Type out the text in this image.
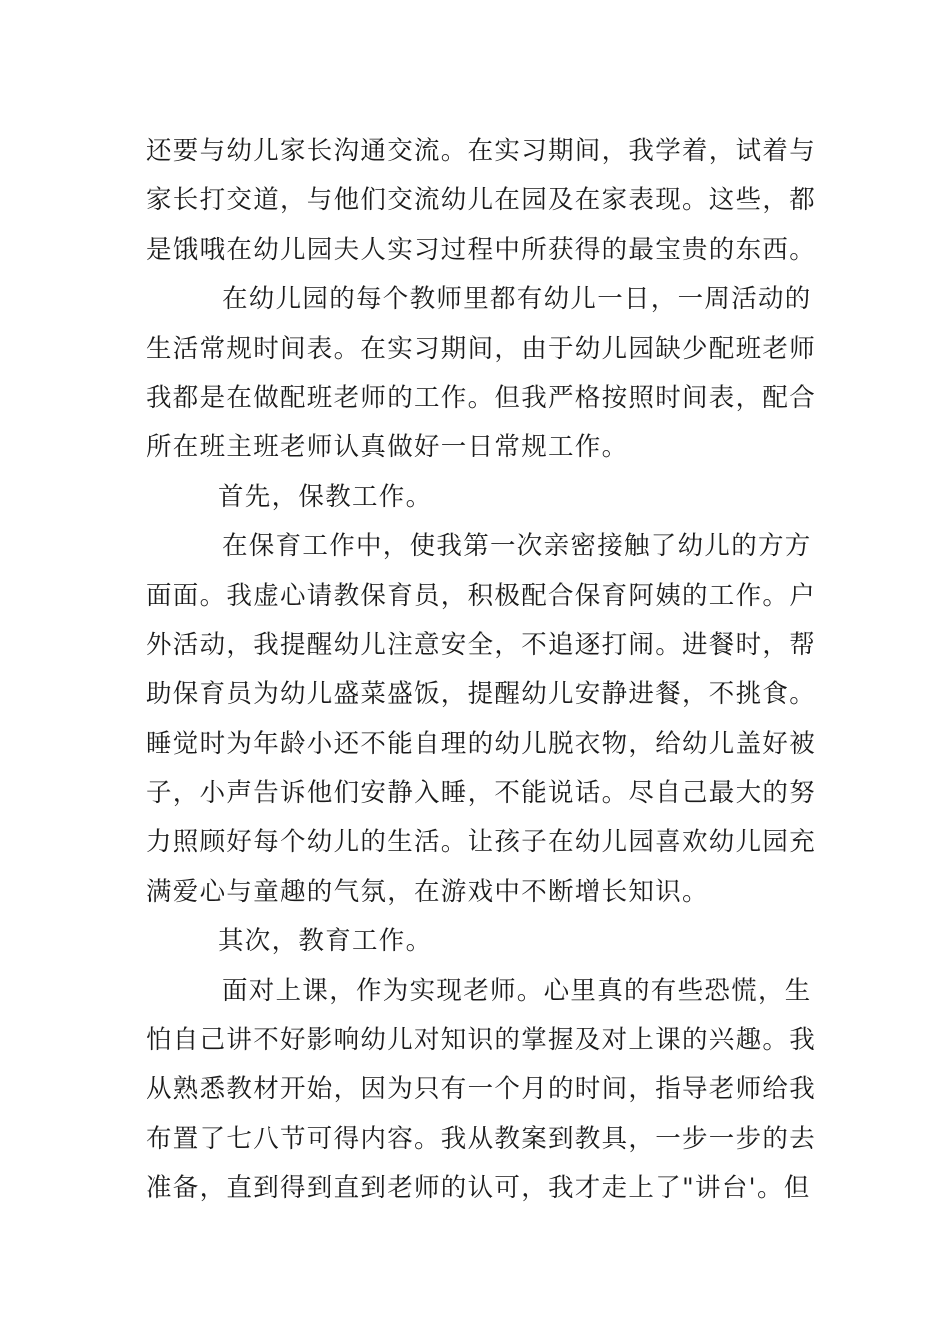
还要与幼儿家长沟通交流。在实习期间，我学着，试着与
家长打交道，与他们交流幼儿在园及在家表现。这些，都
是饿哦在幼儿园夫人实习过程中所获得的最宝贵的东西。
在幼儿园的每个教师里都有幼儿一日，一周活动的
生活常规时间表。在实习期间，由于幼儿园缺少配班老师
我都是在做配班老师的工作。但我严格按照时间表，配合
所在班主班老师认真做好一日常规工作。
首先，保教工作。
在保育工作中，使我第一次亲密接触了幼儿的方方
面面。我虚心请教保育员，积极配合保育阿姨的工作。户
外活动，我提醒幼儿注意安全，不追逐打闹。进餐时，帮
助保育员为幼儿盛菜盛饭，提醒幼儿安静进餐，不挑食。
睡觉时为年龄小还不能自理的幼儿脱衣物，给幼儿盖好被
子，小声告诉他们安静入睡，不能说话。尽自己最大的努
力照顾好每个幼儿的生活。让孩子在幼儿园喜欢幼儿园充
满爱心与童趣的气氛，在游戏中不断增长知识。
其次，教育工作。
面对上课，作为实现老师。心里真的有些恐慌，生
怕自己讲不好影响幼儿对知识的掌握及对上课的兴趣。我
从熟悉教材开始，因为只有一个月的时间，指导老师给我
布置了七八节可得内容。我从教案到教具，一步一步的去
准备，直到得到直到老师的认可，我才走上了"讲台'。但
